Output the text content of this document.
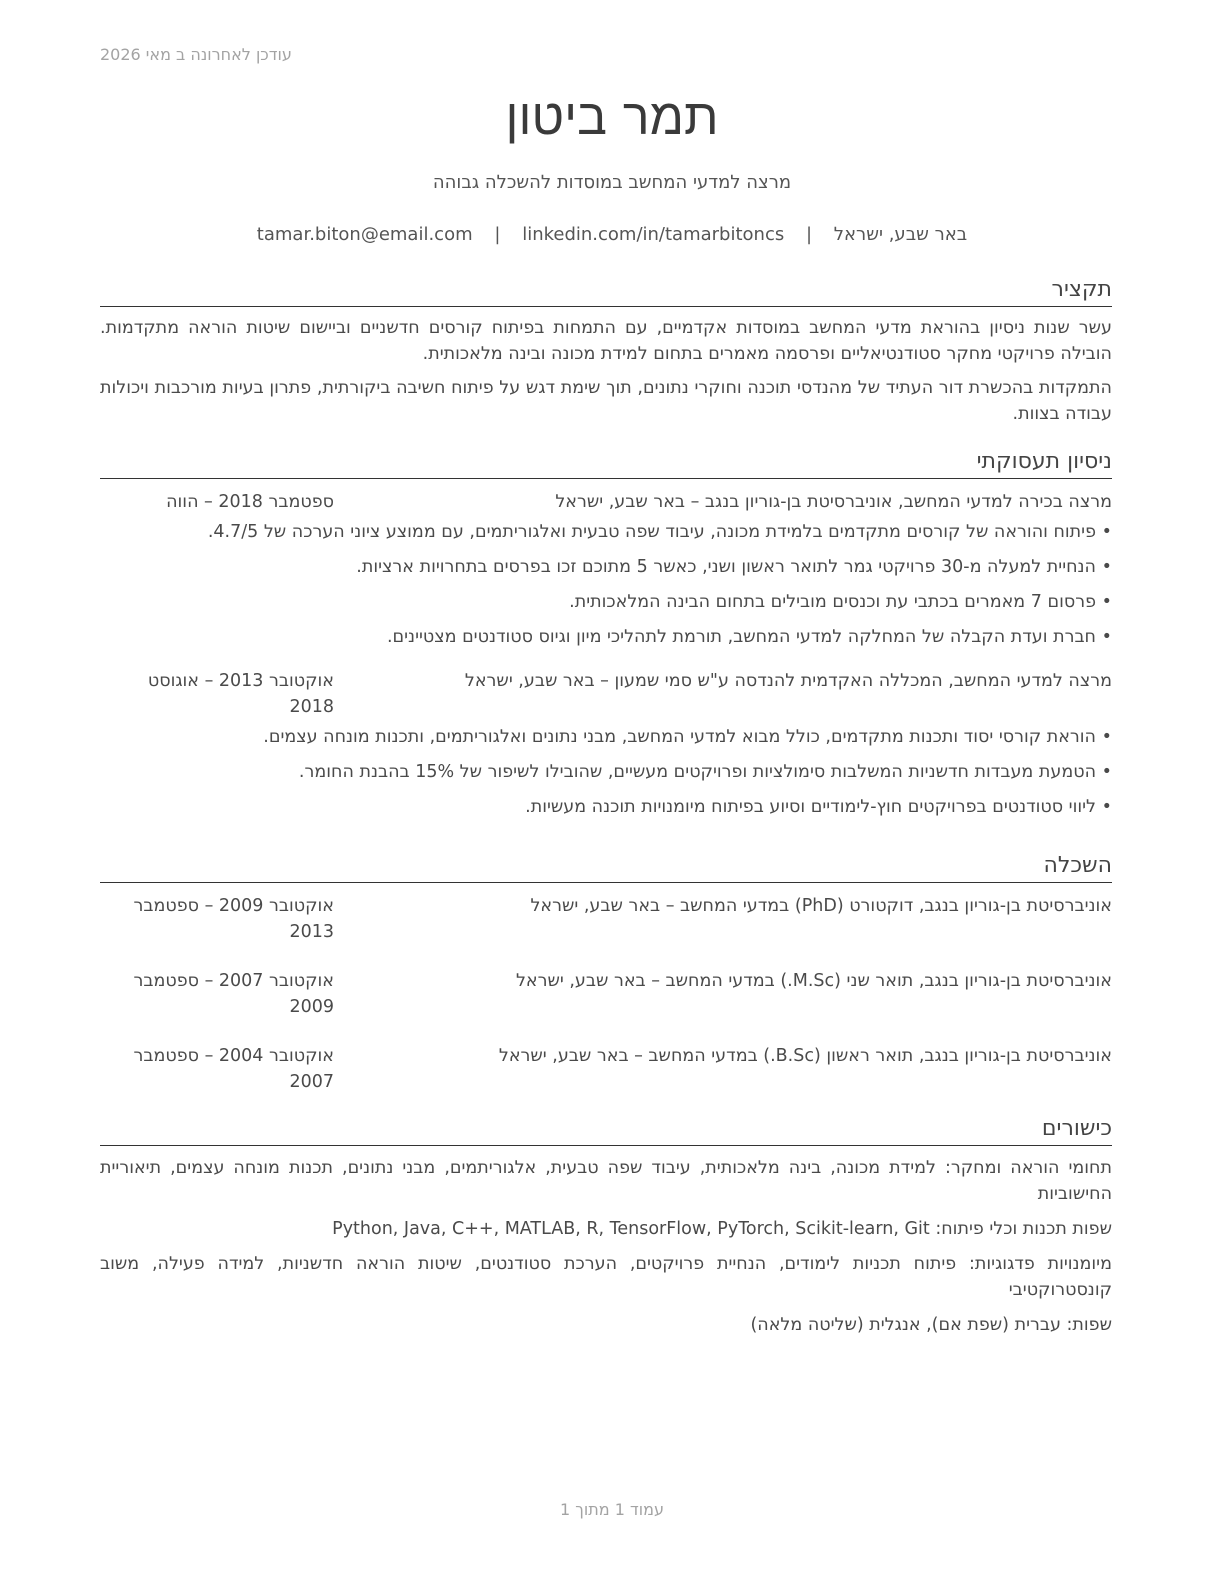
עודכן לאחרונה ב מאי 2026
תמר ביטון
מרצה למדעי המחשב במוסדות להשכלה גבוהה
באר שבע, ישראל | tamar.biton@email.com | linkedin.com/in/tamarbitoncs
תקציר
עשר שנות ניסיון בהוראת מדעי המחשב במוסדות אקדמיים, עם התמחות בפיתוח קורסים חדשניים וביישום שיטות הוראה מתקדמות. הובילה פרויקטי מחקר סטודנטיאליים ופרסמה מאמרים בתחום למידת מכונה ובינה מלאכותית.
התמקדות בהכשרת דור העתיד של מהנדסי תוכנה וחוקרי נתונים, תוך שימת דגש על פיתוח חשיבה ביקורתית, פתרון בעיות מורכבות ויכולות עבודה בצוות.
ניסיון תעסוקתי
מרצה בכירה למדעי המחשב, אוניברסיטת בן-גוריון בנגב – באר שבע, ישראל
ספטמבר 2018 – הווה
• פיתוח והוראה של קורסים מתקדמים בלמידת מכונה, עיבוד שפה טבעית ואלגוריתמים, עם ממוצע ציוני הערכה של 4.7/5.
• הנחיית למעלה מ-30 פרויקטי גמר לתואר ראשון ושני, כאשר 5 מתוכם זכו בפרסים בתחרויות ארציות.
• פרסום 7 מאמרים בכתבי עת וכנסים מובילים בתחום הבינה המלאכותית.
• חברת ועדת הקבלה של המחלקה למדעי המחשב, תורמת לתהליכי מיון וגיוס סטודנטים מצטיינים.
מרצה למדעי המחשב, המכללה האקדמית להנדסה ע"ש סמי שמעון – באר שבע, ישראל
אוקטובר 2013 – אוגוסט 2018
• הוראת קורסי יסוד ותכנות מתקדמים, כולל מבוא למדעי המחשב, מבני נתונים ואלגוריתמים, ותכנות מונחה עצמים.
• הטמעת מעבדות חדשניות המשלבות סימולציות ופרויקטים מעשיים, שהובילו לשיפור של 15% בהבנת החומר.
• ליווי סטודנטים בפרויקטים חוץ-לימודיים וסיוע בפיתוח מיומנויות תוכנה מעשיות.
השכלה
אוניברסיטת בן-גוריון בנגב, דוקטורט (PhD) במדעי המחשב – באר שבע, ישראל
אוקטובר 2009 – ספטמבר 2013
אוניברסיטת בן-גוריון בנגב, תואר שני (M.Sc.) במדעי המחשב – באר שבע, ישראל
אוקטובר 2007 – ספטמבר 2009
אוניברסיטת בן-גוריון בנגב, תואר ראשון (B.Sc.) במדעי המחשב – באר שבע, ישראל
אוקטובר 2004 – ספטמבר 2007
כישורים
תחומי הוראה ומחקר: למידת מכונה, בינה מלאכותית, עיבוד שפה טבעית, אלגוריתמים, מבני נתונים, תכנות מונחה עצמים, תיאוריית החישוביות
שפות תכנות וכלי פיתוח: Python, Java, C++, MATLAB, R, TensorFlow, PyTorch, Scikit-learn, Git
מיומנויות פדגוגיות: פיתוח תכניות לימודים, הנחיית פרויקטים, הערכת סטודנטים, שיטות הוראה חדשניות, למידה פעילה, משוב קונסטרוקטיבי
שפות: עברית (שפת אם), אנגלית (שליטה מלאה)
עמוד 1 מתוך 1
